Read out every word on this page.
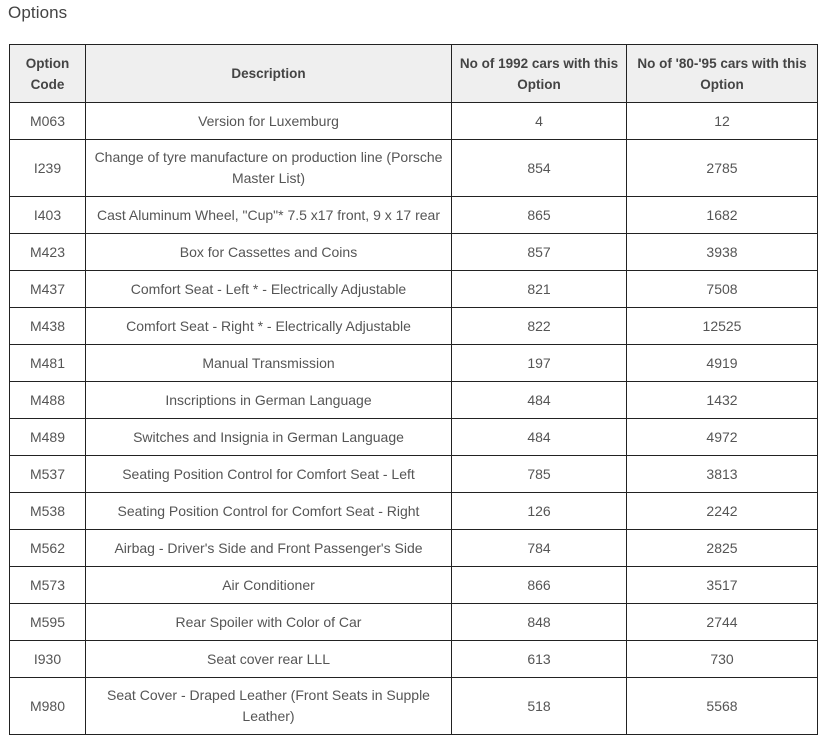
Options
Option Code	Description	No of 1992 cars with this Option	No of '80-'95 cars with this Option
M063	Version for Luxemburg	4	12
I239	Change of tyre manufacture on production line (Porsche Master List)	854	2785
I403	Cast Aluminum Wheel, "Cup"* 7.5 x17 front, 9 x 17 rear	865	1682
M423	Box for Cassettes and Coins	857	3938
M437	Comfort Seat - Left * - Electrically Adjustable	821	7508
M438	Comfort Seat - Right * - Electrically Adjustable	822	12525
M481	Manual Transmission	197	4919
M488	Inscriptions in German Language	484	1432
M489	Switches and Insignia in German Language	484	4972
M537	Seating Position Control for Comfort Seat - Left	785	3813
M538	Seating Position Control for Comfort Seat - Right	126	2242
M562	Airbag - Driver's Side and Front Passenger's Side	784	2825
M573	Air Conditioner	866	3517
M595	Rear Spoiler with Color of Car	848	2744
I930	Seat cover rear LLL	613	730
M980	Seat Cover - Draped Leather (Front Seats in Supple Leather)	518	5568
